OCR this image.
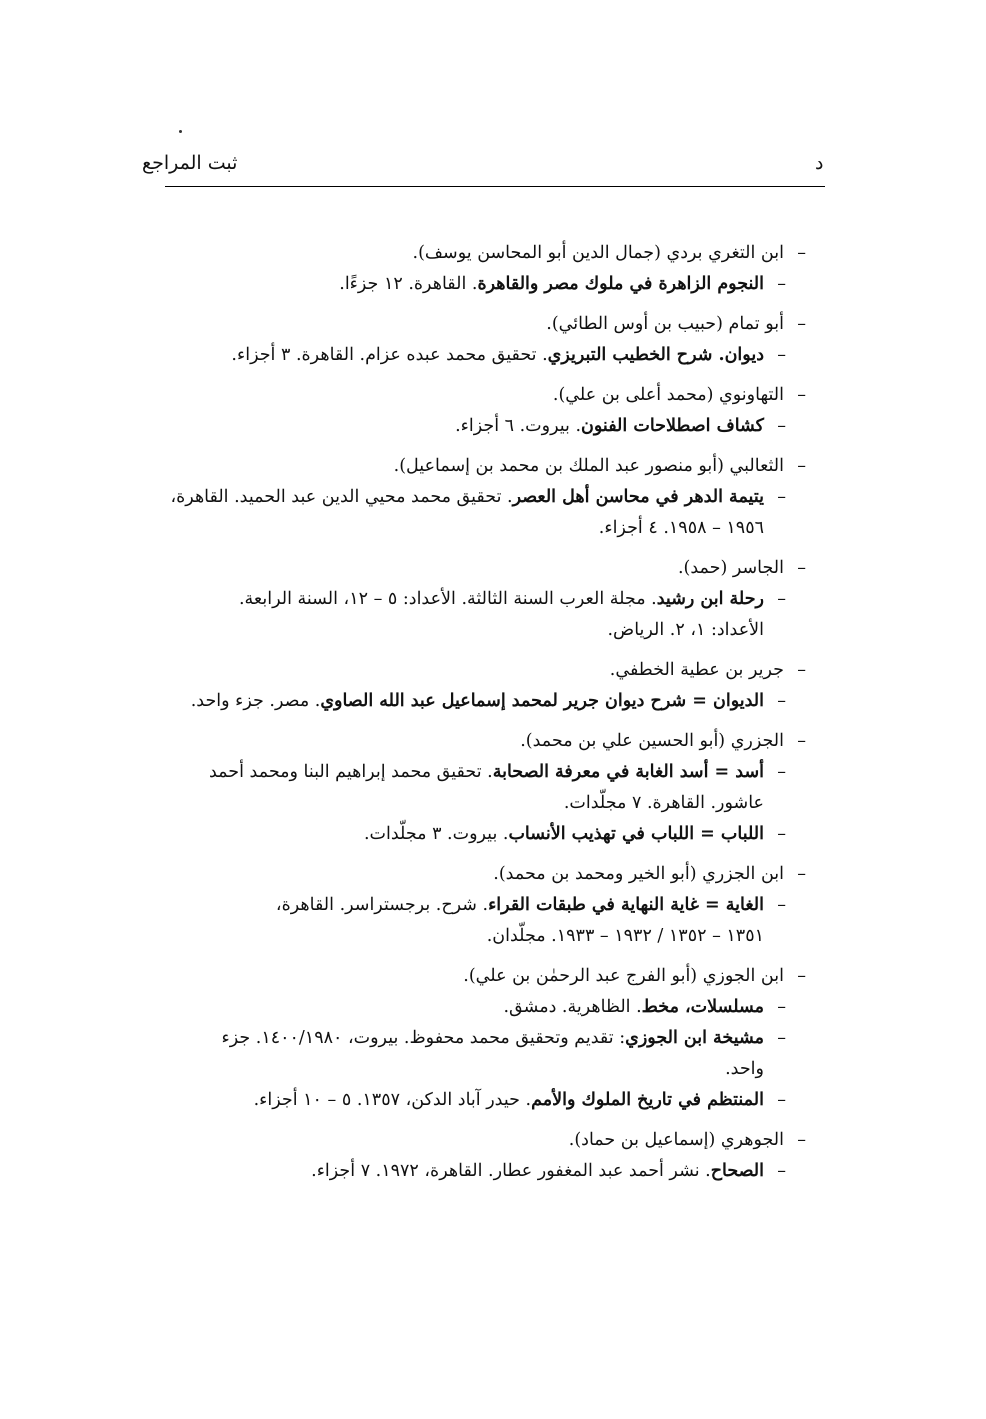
ثبت المراجع	د
–ابن التغري بردي (جمال الدين أبو المحاسن يوسف).
–النجوم الزاهرة في ملوك مصر والقاهرة. القاهرة. ١٢ جزءًا.
–أبو تمام (حبيب بن أوس الطائي).
–ديوان. شرح الخطيب التبريزي. تحقيق محمد عبده عزام. القاهرة. ٣ أجزاء.
–التهاونوي (محمد أعلى بن علي).
–كشاف اصطلاحات الفنون. بيروت. ٦ أجزاء.
–الثعالبي (أبو منصور عبد الملك بن محمد بن إسماعيل).
–يتيمة الدهر في محاسن أهل العصر. تحقيق محمد محيي الدين عبد الحميد. القاهرة،
١٩٥٦ – ١٩٥٨. ٤ أجزاء.
–الجاسر (حمد).
–رحلة ابن رشيد. مجلة العرب السنة الثالثة. الأعداد: ٥ – ١٢، السنة الرابعة.
الأعداد: ١، ٢. الرياض.
–جرير بن عطية الخطفي.
–الديوان = شرح ديوان جرير لمحمد إسماعيل عبد الله الصاوي. مصر. جزء واحد.
–الجزري (أبو الحسين علي بن محمد).
–أسد = أسد الغابة في معرفة الصحابة. تحقيق محمد إبراهيم البنا ومحمد أحمد
عاشور. القاهرة. ٧ مجلّدات.
–اللباب = اللباب في تهذيب الأنساب. بيروت. ٣ مجلّدات.
–ابن الجزري (أبو الخير ومحمد بن محمد).
–الغاية = غاية النهاية في طبقات القراء. شرح. برجستراسر. القاهرة،
١٣٥١ – ١٣٥٢ / ١٩٣٢ – ١٩٣٣. مجلّدان.
–ابن الجوزي (أبو الفرج عبد الرحمٰن بن علي).
–مسلسلات، مخط. الظاهرية. دمشق.
–مشيخة ابن الجوزي: تقديم وتحقيق محمد محفوظ. بيروت، ١٤٠٠/١٩٨٠. جزء
واحد.
–المنتظم في تاريخ الملوك والأمم. حيدر آباد الدكن، ١٣٥٧. ٥ – ١٠ أجزاء.
–الجوهري (إسماعيل بن حماد).
–الصحاح. نشر أحمد عبد المغفور عطار. القاهرة، ١٩٧٢. ٧ أجزاء.
